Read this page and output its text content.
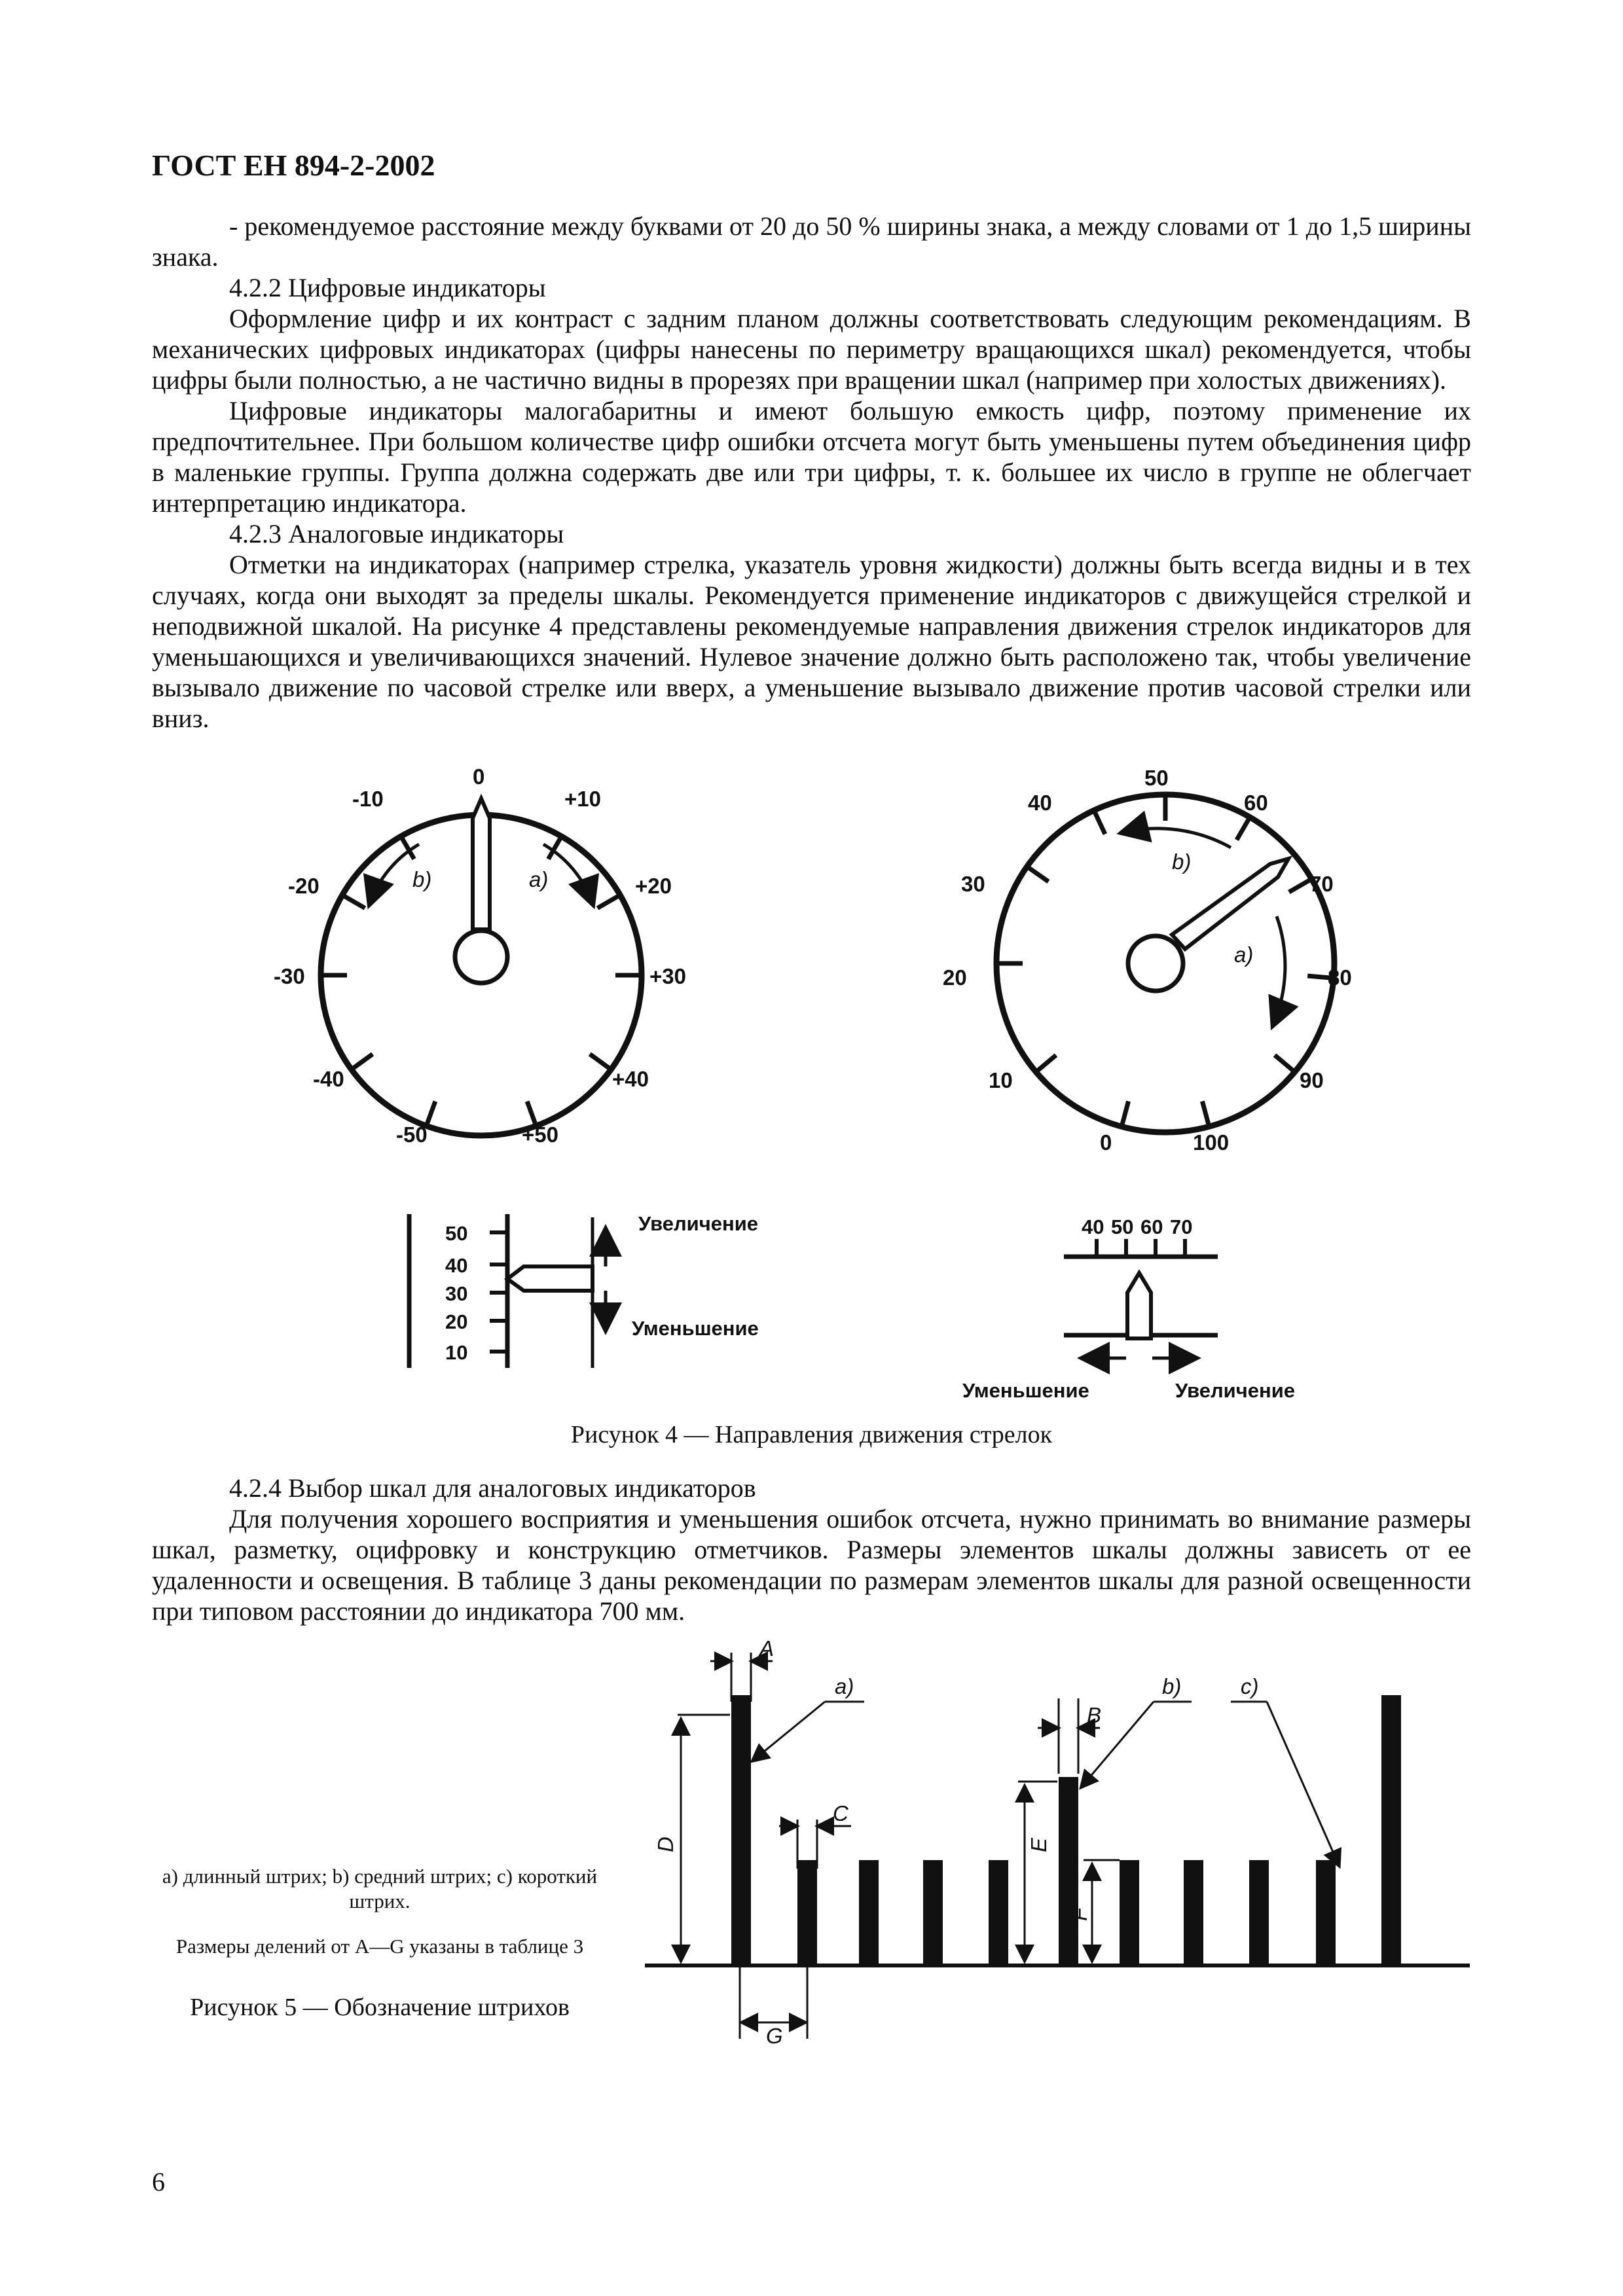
ГОСТ ЕН 894-2-2002

- рекомендуемое расстояние между буквами от 20 до 50 % ширины знака, а между словами от 1 до 1,5 ширины знака.

4.2.2 Цифровые индикаторы

Оформление цифр и их контраст с задним планом должны соответствовать следующим рекомендациям. В механических цифровых индикаторах (цифры нанесены по периметру вращающихся шкал) рекомендуется, чтобы цифры были полностью, а не частично видны в прорезях при вращении шкал (например при холостых движениях).

Цифровые индикаторы малогабаритны и имеют большую емкость цифр, поэтому применение их предпочтительнее. При большом количестве цифр ошибки отсчета могут быть уменьшены путем объединения цифр в маленькие группы. Группа должна содержать две или три цифры, т. к. большее их число в группе не облегчает интерпретацию индикатора.

4.2.3 Аналоговые индикаторы

Отметки на индикаторах (например стрелка, указатель уровня жидкости) должны быть всегда видны и в тех случаях, когда они выходят за пределы шкалы. Рекомендуется применение индикаторов с движущейся стрелкой и неподвижной шкалой. На рисунке 4 представлены рекомендуемые направления движения стрелок индикаторов для уменьшающихся и увеличивающихся значений. Нулевое значение должно быть расположено так, чтобы увеличение вызывало движение по часовой стрелке или вверх, а уменьшение вызывало движение против часовой стрелки или вниз.

b)	a)
0
+10
+20
+30
+40
+50
-10
-20
-30
-40
-50
b)
a)
0
10
20
30
40
50
60
70
80
90
100
50
40
30
20
10
Увеличение
Уменьшение
40 50 60 70
Уменьшение	Увеличение
Рисунок 4 — Направления движения стрелок

4.2.4 Выбор шкал для аналоговых индикаторов

Для получения хорошего восприятия и уменьшения ошибок отсчета, нужно принимать во внимание размеры шкал, разметку, оцифровку и конструкцию отметчиков. Размеры элементов шкалы должны зависеть от ее удаленности и освещения. В таблице 3 даны рекомендации по размерам элементов шкалы для разной освещенности при типовом расстоянии до индикатора 700 мм.

A
a)
D
C
G
B
E
F
b)	c)
а) длинный штрих; b) средний штрих; с) короткий штрих.
Размеры делений от A—G указаны в таблице 3
Рисунок 5 — Обозначение штрихов
6
